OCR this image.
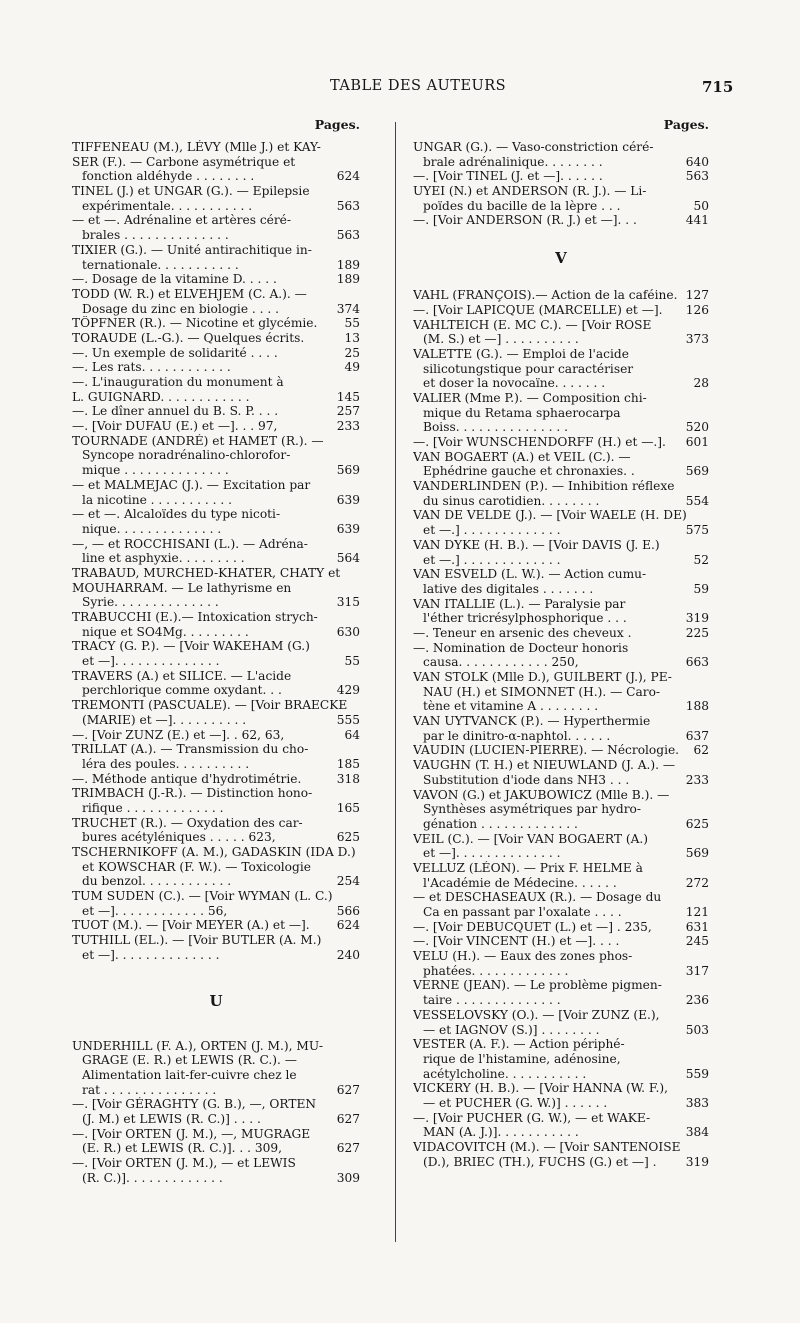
TABLE DES AUTEURS	715
Pages.
TIFFENEAU (M.), LÉVY (Mlle J.) et KAY-
SER (F.). — Carbone asymétrique et
fonction aldéhyde . . . . . . . .	624
TINEL (J.) et UNGAR (G.). — Epilepsie
expérimentale. . . . . . . . . . .	563
— et —. Adrénaline et artères céré-
brales . . . . . . . . . . . . . .	563
TIXIER (G.). — Unité antirachitique in-
ternationale. . . . . . . . . . .	189
—. Dosage de la vitamine D. . . . .	189
TODD (W. R.) et ELVEHJEM (C. A.). —
Dosage du zinc en biologie . . . .	374
TÖPFNER (R.). — Nicotine et glycémie. 55
TORAUDE (L.-G.). — Quelques écrits.	13
—. Un exemple de solidarité . . . .	25
—. Les rats. . . . . . . . . . . .	49
—. L'inauguration du monument à
L. GUIGNARD. . . . . . . . . . . .	145
—. Le dîner annuel du B. S. P. . . .	257
—. [Voir DUFAU (E.) et —]. . . 97,	233
TOURNADE (ANDRÉ) et HAMET (R.). —
Syncope noradrénalino-chlorofor-
mique . . . . . . . . . . . . . .	569
— et MALMEJAC (J.). — Excitation par
la nicotine . . . . . . . . . . .	639
— et —. Alcaloïdes du type nicoti-
nique. . . . . . . . . . . . . .	639
—, — et ROCCHISANI (L.). — Adréna-
line et asphyxie. . . . . . . . .	564
TRABAUD, MURCHED-KHATER, CHATY et
MOUHARRAM. — Le lathyrisme en
Syrie. . . . . . . . . . . . . .	315
TRABUCCHI (E.).— Intoxication strych-
nique et SO4Mg. . . . . . . . .	630
TRACY (G. P.). — [Voir WAKEHAM (G.)
et —]. . . . . . . . . . . . . .	55
TRAVERS (A.) et SILICE. — L'acide
perchlorique comme oxydant. . .	429
TREMONTI (PASCUALE). — [Voir BRAECKE
(MARIE) et —]. . . . . . . . . .	555
—. [Voir ZUNZ (E.) et —]. . 62, 63,	64
TRILLAT (A.). — Transmission du cho-
léra des poules. . . . . . . . . .	185
—. Méthode antique d'hydrotimétrie.	318
TRIMBACH (J.-R.). — Distinction hono-
rifique . . . . . . . . . . . . .	165
TRUCHET (R.). — Oxydation des car-
bures acétyléniques . . . . . 623,	625
TSCHERNIKOFF (A. M.), GADASKIN (IDA D.)
et KOWSCHAR (F. W.). — Toxicologie
du benzol. . . . . . . . . . . .	254
TUM SUDEN (C.). — [Voir WYMAN (L. C.)
et —]. . . . . . . . . . . . 56,	566
TUOT (M.). — [Voir MEYER (A.) et —]. 624
TUTHILL (EL.). — [Voir BUTLER (A. M.)
et —]. . . . . . . . . . . . . .	240
U
UNDERHILL (F. A.), ORTEN (J. M.), MU-
GRAGE (E. R.) et LEWIS (R. C.). —
Alimentation lait-fer-cuivre chez le
rat . . . . . . . . . . . . . . .	627
—. [Voir GÉRAGHTY (G. B.), —, ORTEN
(J. M.) et LEWIS (R. C.)] . . . .	627
—. [Voir ORTEN (J. M.), —, MUGRAGE
(E. R.) et LEWIS (R. C.)]. . . 309,	627
—. [Voir ORTEN (J. M.), — et LEWIS
(R. C.)]. . . . . . . . . . . . .	309
Pages.
UNGAR (G.). — Vaso-constriction céré-
brale adrénalinique. . . . . . . .	640
—. [Voir TINEL (J. et —]. . . . . .	563
UYEI (N.) et ANDERSON (R. J.). — Li-
poïdes du bacille de la lèpre . . .	50
—. [Voir ANDERSON (R. J.) et —]. . .	441
V
VAHL (FRANÇOIS).— Action de la caféine. 127
—. [Voir LAPICQUE (MARCELLE) et —]. 126
VAHLTEICH (E. MC C.). — [Voir ROSE
(M. S.) et —] . . . . . . . . . .	373
VALETTE (G.). — Emploi de l'acide
silicotungstique pour caractériser
et doser la novocaïne. . . . . . .	28
VALIER (Mme P.). — Composition chi-
mique du Retama sphaerocarpa
Boiss. . . . . . . . . . . . . . .	520
—. [Voir WUNSCHENDORFF (H.) et —.]. 601
VAN BOGAERT (A.) et VEIL (C.). —
Ephédrine gauche et chronaxies. .	569
VANDERLINDEN (P.). — Inhibition réflexe
du sinus carotidien. . . . . . . .	554
VAN DE VELDE (J.). — [Voir WAELE (H. DE)
et —.] . . . . . . . . . . . . .	575
VAN DYKE (H. B.). — [Voir DAVIS (J. E.)
et —.] . . . . . . . . . . . . .	52
VAN ESVELD (L. W.). — Action cumu-
lative des digitales . . . . . . .	59
VAN ITALLIE (L.). — Paralysie par
l'éther tricrésylphosphorique . . .	319
—. Teneur en arsenic des cheveux .	225
—. Nomination de Docteur honoris
causa. . . . . . . . . . . . 250,	663
VAN STOLK (Mlle D.), GUILBERT (J.), PE-
NAU (H.) et SIMONNET (H.). — Caro-
tène et vitamine A . . . . . . . .	188
VAN UYTVANCK (P.). — Hyperthermie
par le dinitro-α-naphtol. . . . . .	637
VAUDIN (LUCIEN-PIERRE). — Nécrologie. 62
VAUGHN (T. H.) et NIEUWLAND (J. A.). —
Substitution d'iode dans NH3 . . .	233
VAVON (G.) et JAKUBOWICZ (Mlle B.). —
Synthèses asymétriques par hydro-
génation . . . . . . . . . . . . .	625
VEIL (C.). — [Voir VAN BOGAERT (A.)
et —]. . . . . . . . . . . . . .	569
VELLUZ (LÉON). — Prix F. HELME à
l'Académie de Médecine. . . . . .	272
— et DESCHASEAUX (R.). — Dosage du
Ca en passant par l'oxalate . . . .	121
—. [Voir DEBUCQUET (L.) et —] . 235,	631
—. [Voir VINCENT (H.) et —]. . . .	245
VELU (H.). — Eaux des zones phos-
phatées. . . . . . . . . . . . .	317
VERNE (JEAN). — Le problème pigmen-
taire . . . . . . . . . . . . . .	236
VESSELOVSKY (O.). — [Voir ZUNZ (E.),
— et IAGNOV (S.)] . . . . . . . .	503
VESTER (A. F.). — Action périphé-
rique de l'histamine, adénosine,
acétylcholine. . . . . . . . . . .	559
VICKERY (H. B.). — [Voir HANNA (W. F.),
— et PUCHER (G. W.)] . . . . . .	383
—. [Voir PUCHER (G. W.), — et WAKE-
MAN (A. J.)]. . . . . . . . . . .	384
VIDACOVITCH (M.). — [Voir SANTENOISE
(D.), BRIEC (TH.), FUCHS (G.) et —] . 319
